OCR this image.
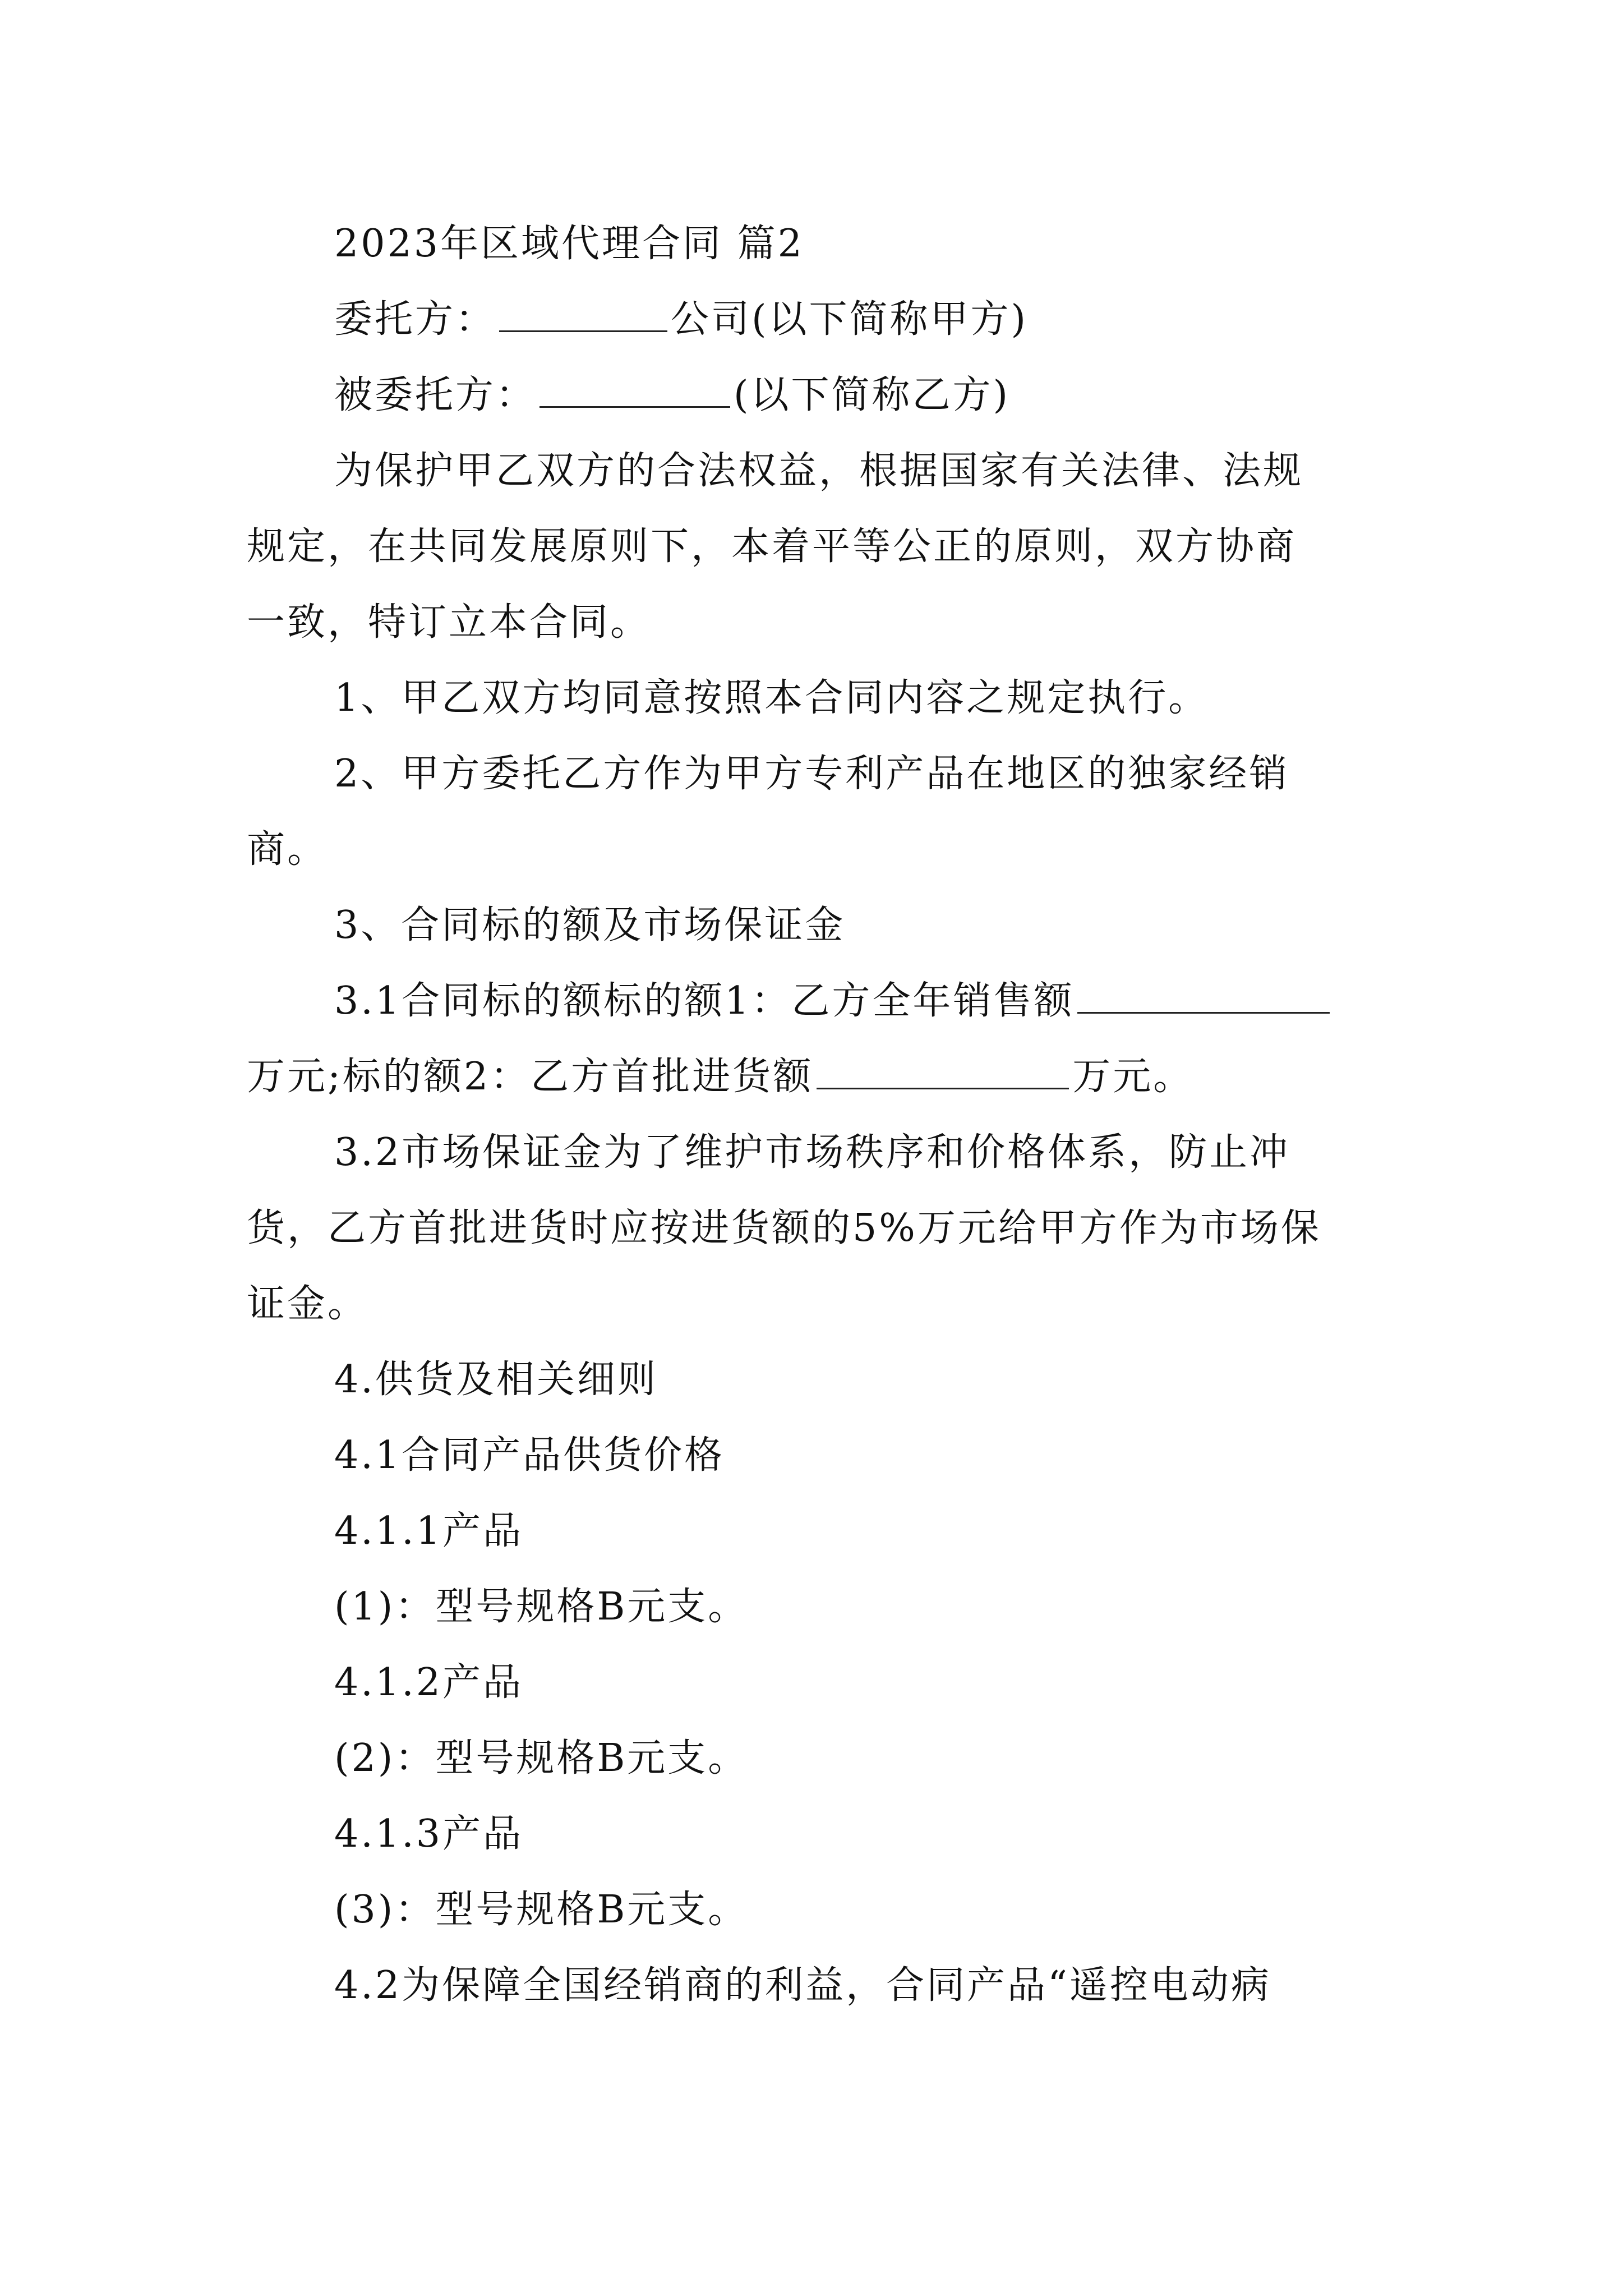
2023年区域代理合同 篇2
委托方：	公司(以下简称甲方)
被委托方：	(以下简称乙方)
为保护甲乙双方的合法权益，根据国家有关法律、法规
规定，在共同发展原则下，本着平等公正的原则，双方协商
一致，特订立本合同。
1、甲乙双方均同意按照本合同内容之规定执行。
2、甲方委托乙方作为甲方专利产品在地区的独家经销
商。
3、合同标的额及市场保证金
3.1合同标的额标的额1：乙方全年销售额
万元;标的额2：乙方首批进货额	万元。
3.2市场保证金为了维护市场秩序和价格体系，防止冲
货，乙方首批进货时应按进货额的5%万元给甲方作为市场保
证金。
4.供货及相关细则
4.1合同产品供货价格
4.1.1产品
(1)：型号规格B元支。
4.1.2产品
(2)：型号规格B元支。
4.1.3产品
(3)：型号规格B元支。
4.2为保障全国经销商的利益，合同产品“遥控电动病
